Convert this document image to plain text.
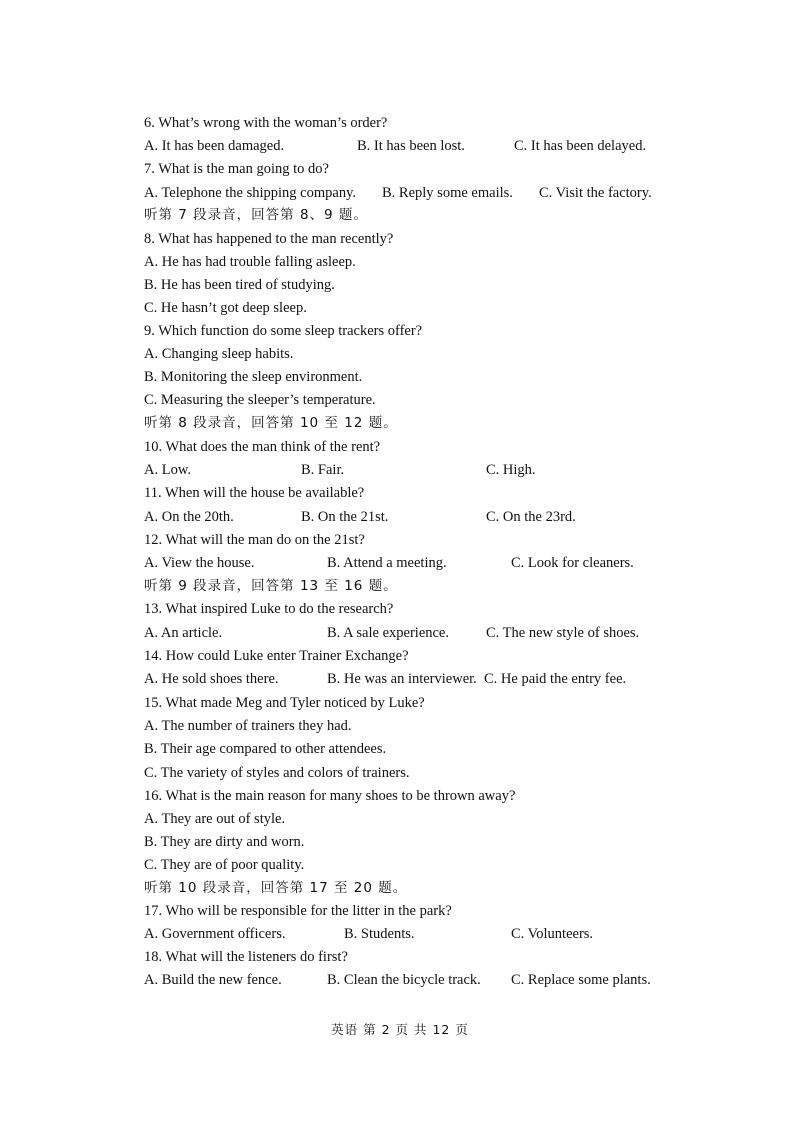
6. What’s wrong with the woman’s order?
A. It has been damaged.	B. It has been lost.	C. It has been delayed.
7. What is the man going to do?
A. Telephone the shipping company. B. Reply some emails. C. Visit the factory.
听第 7 段录音，回答第 8、9 题。
8. What has happened to the man recently?
A. He has had trouble falling asleep.
B. He has been tired of studying.
C. He hasn’t got deep sleep.
9. Which function do some sleep trackers offer?
A. Changing sleep habits.
B. Monitoring the sleep environment.
C. Measuring the sleeper’s temperature.
听第 8 段录音，回答第 10 至 12 题。
10. What does the man think of the rent?
A. Low.	B. Fair.	C. High.
11. When will the house be available?
A. On the 20th.	B. On the 21st.	C. On the 23rd.
12. What will the man do on the 21st?
A. View the house.	B. Attend a meeting.	C. Look for cleaners.
听第 9 段录音，回答第 13 至 16 题。
13. What inspired Luke to do the research?
A. An article.	B. A sale experience.	C. The new style of shoes.
14. How could Luke enter Trainer Exchange?
A. He sold shoes there.	B. He was an interviewer. C. He paid the entry fee.
15. What made Meg and Tyler noticed by Luke?
A. The number of trainers they had.
B. Their age compared to other attendees.
C. The variety of styles and colors of trainers.
16. What is the main reason for many shoes to be thrown away?
A. They are out of style.
B. They are dirty and worn.
C. They are of poor quality.
听第 10 段录音，回答第 17 至 20 题。
17. Who will be responsible for the litter in the park?
A. Government officers.	B. Students.	C. Volunteers.
18. What will the listeners do first?
A. Build the new fence.	B. Clean the bicycle track. C. Replace some plants.
英语 第 2 页 共 12 页
